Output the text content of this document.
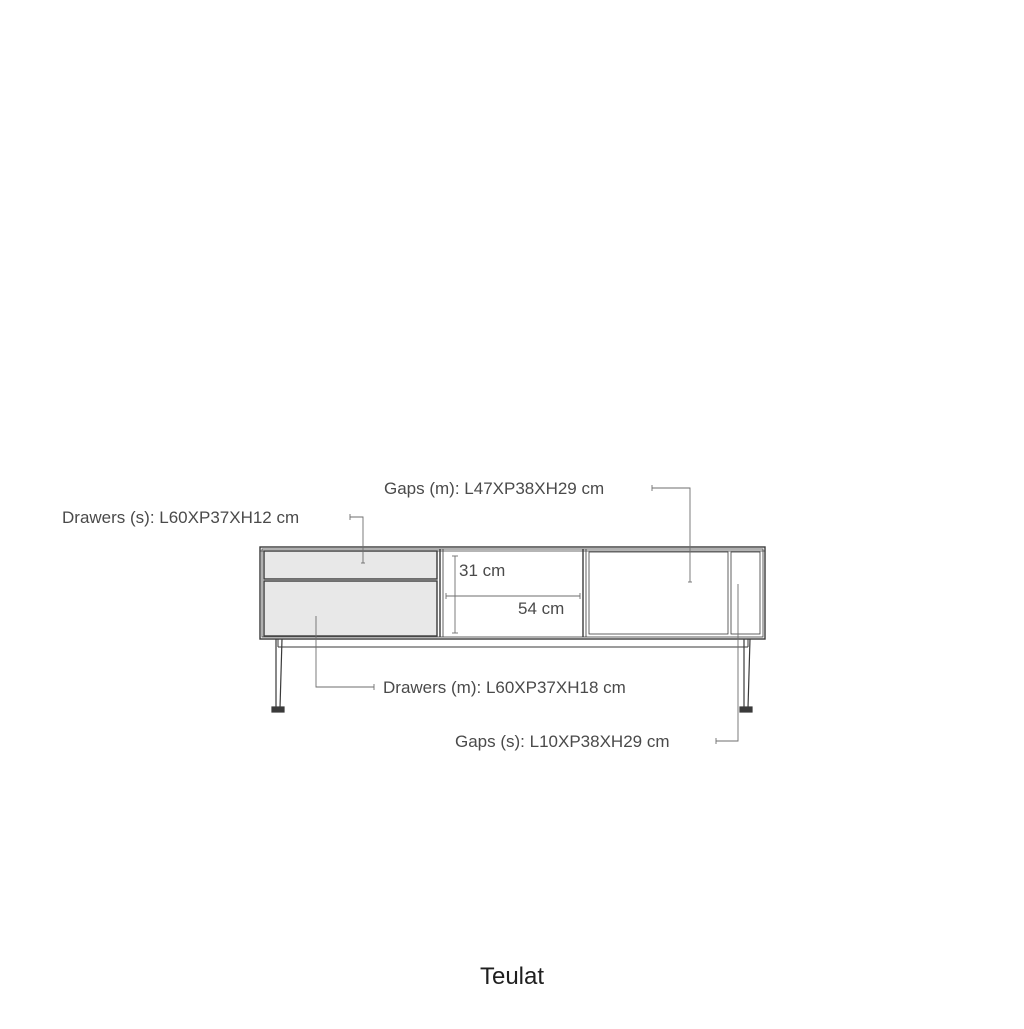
31 cm
54 cm
Drawers (s): L60XP37XH12 cm
Gaps (m): L47XP38XH29 cm
Drawers (m): L60XP37XH18 cm
Gaps (s): L10XP38XH29 cm
Teulat
